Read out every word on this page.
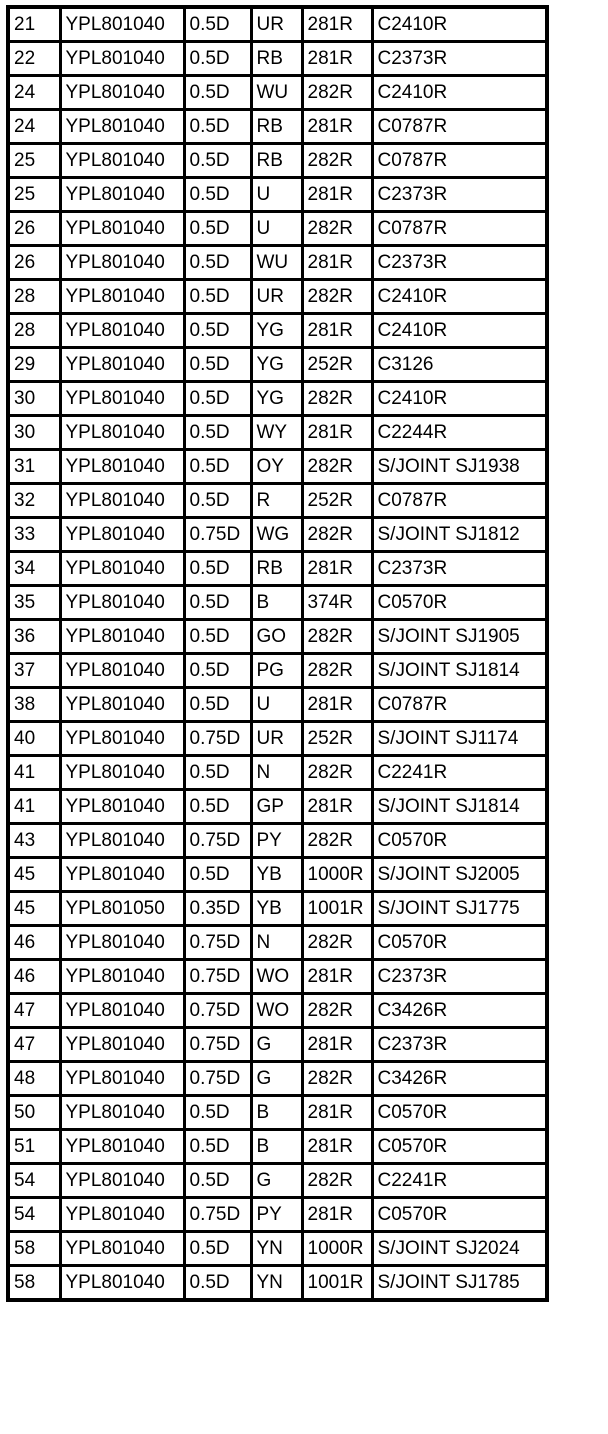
21	YPL801040	0.5D	UR	281R	C2410R
22	YPL801040	0.5D	RB	281R	C2373R
24	YPL801040	0.5D	WU	282R	C2410R
24	YPL801040	0.5D	RB	281R	C0787R
25	YPL801040	0.5D	RB	282R	C0787R
25	YPL801040	0.5D	U	281R	C2373R
26	YPL801040	0.5D	U	282R	C0787R
26	YPL801040	0.5D	WU	281R	C2373R
28	YPL801040	0.5D	UR	282R	C2410R
28	YPL801040	0.5D	YG	281R	C2410R
29	YPL801040	0.5D	YG	252R	C3126
30	YPL801040	0.5D	YG	282R	C2410R
30	YPL801040	0.5D	WY	281R	C2244R
31	YPL801040	0.5D	OY	282R	S/JOINT SJ1938
32	YPL801040	0.5D	R	252R	C0787R
33	YPL801040	0.75D	WG	282R	S/JOINT SJ1812
34	YPL801040	0.5D	RB	281R	C2373R
35	YPL801040	0.5D	B	374R	C0570R
36	YPL801040	0.5D	GO	282R	S/JOINT SJ1905
37	YPL801040	0.5D	PG	282R	S/JOINT SJ1814
38	YPL801040	0.5D	U	281R	C0787R
40	YPL801040	0.75D	UR	252R	S/JOINT SJ1174
41	YPL801040	0.5D	N	282R	C2241R
41	YPL801040	0.5D	GP	281R	S/JOINT SJ1814
43	YPL801040	0.75D	PY	282R	C0570R
45	YPL801040	0.5D	YB	1000R	S/JOINT SJ2005
45	YPL801050	0.35D	YB	1001R	S/JOINT SJ1775
46	YPL801040	0.75D	N	282R	C0570R
46	YPL801040	0.75D	WO	281R	C2373R
47	YPL801040	0.75D	WO	282R	C3426R
47	YPL801040	0.75D	G	281R	C2373R
48	YPL801040	0.75D	G	282R	C3426R
50	YPL801040	0.5D	B	281R	C0570R
51	YPL801040	0.5D	B	281R	C0570R
54	YPL801040	0.5D	G	282R	C2241R
54	YPL801040	0.75D	PY	281R	C0570R
58	YPL801040	0.5D	YN	1000R	S/JOINT SJ2024
58	YPL801040	0.5D	YN	1001R	S/JOINT SJ1785
